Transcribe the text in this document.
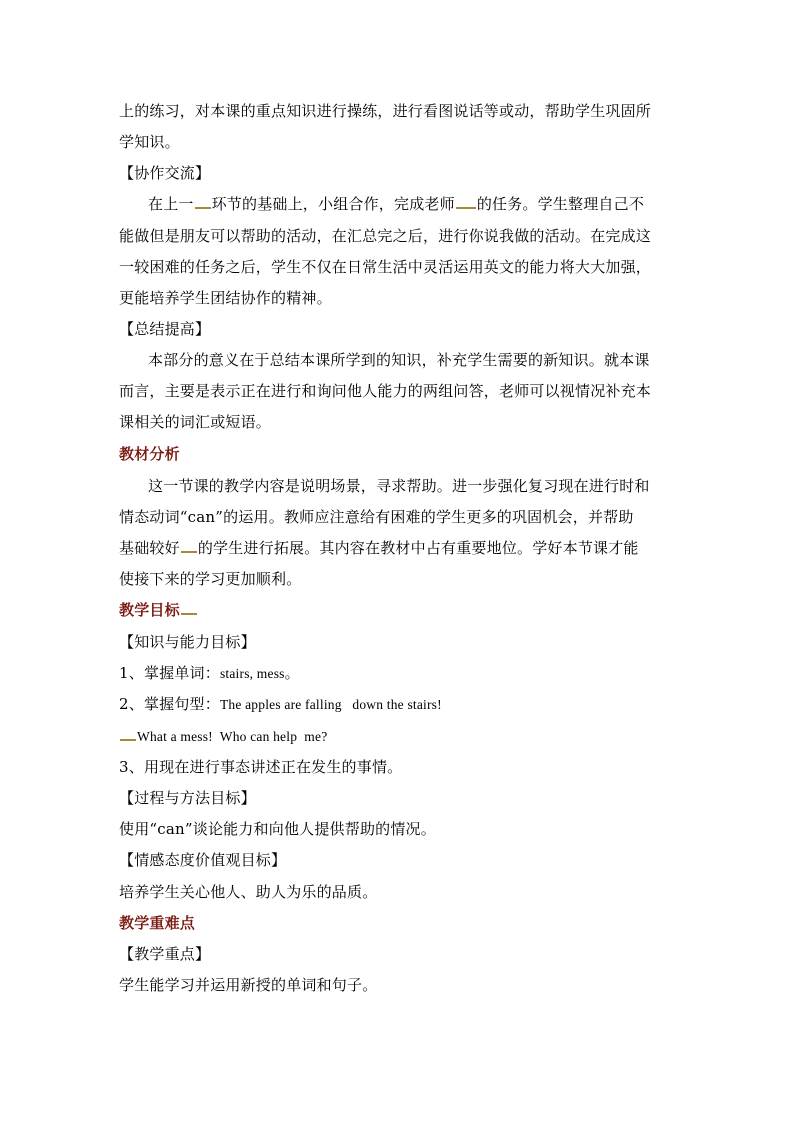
上的练习，对本课的重点知识进行操练，进行看图说话等或动，帮助学生巩固所
学知识。
【协作交流】
在上一 环节的基础上，小组合作，完成老师 的任务。学生整理自己不
能做但是朋友可以帮助的活动，在汇总完之后，进行你说我做的活动。在完成这
一较困难的任务之后，学生不仅在日常生活中灵活运用英文的能力将大大加强，
更能培养学生团结协作的精神。
【总结提高】
本部分的意义在于总结本课所学到的知识，补充学生需要的新知识。就本课
而言，主要是表示正在进行和询问他人能力的两组问答，老师可以视情况补充本
课相关的词汇或短语。
教材分析
这一节课的教学内容是说明场景，寻求帮助。进一步强化复习现在进行时和
情态动词“can”的运用。教师应注意给有困难的学生更多的巩固机会，并帮助
基础较好 的学生进行拓展。其内容在教材中占有重要地位。学好本节课才能
使接下来的学习更加顺利。
教学目标
【知识与能力目标】
1、掌握单词：stairs, mess。
2、掌握句型：The apples are falling   down the stairs!
What a mess!  Who can help  me?
3、用现在进行事态讲述正在发生的事情。
【过程与方法目标】
使用“can”谈论能力和向他人提供帮助的情况。
【情感态度价值观目标】
培养学生关心他人、助人为乐的品质。
教学重难点
【教学重点】
学生能学习并运用新授的单词和句子。
